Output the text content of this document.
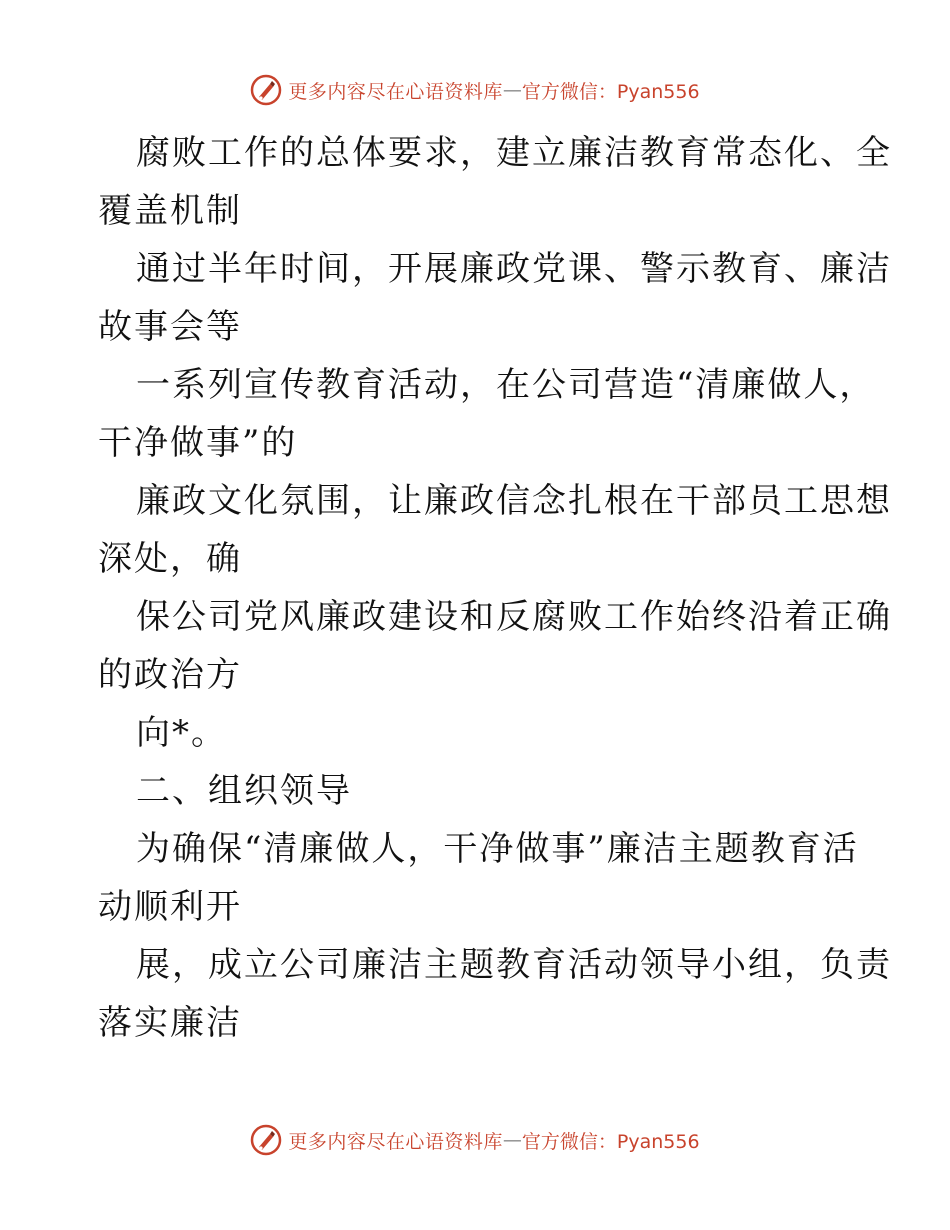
更多内容尽在心语资料库 — 官方微信：Pyan556
腐败工作的总体要求，建立廉洁教育常态化、全
覆盖机制
通过半年时间，开展廉政党课、警示教育、廉洁
故事会等
一系列宣传教育活动，在公司营造“清廉做人，
干净做事”的
廉政文化氛围，让廉政信念扎根在干部员工思想
深处，确
保公司党风廉政建设和反腐败工作始终沿着正确
的政治方
向*。
二、组织领导
为确保“清廉做人，干净做事”廉洁主题教育活
动顺利开
展，成立公司廉洁主题教育活动领导小组，负责
落实廉洁
更多内容尽在心语资料库 — 官方微信：Pyan556
